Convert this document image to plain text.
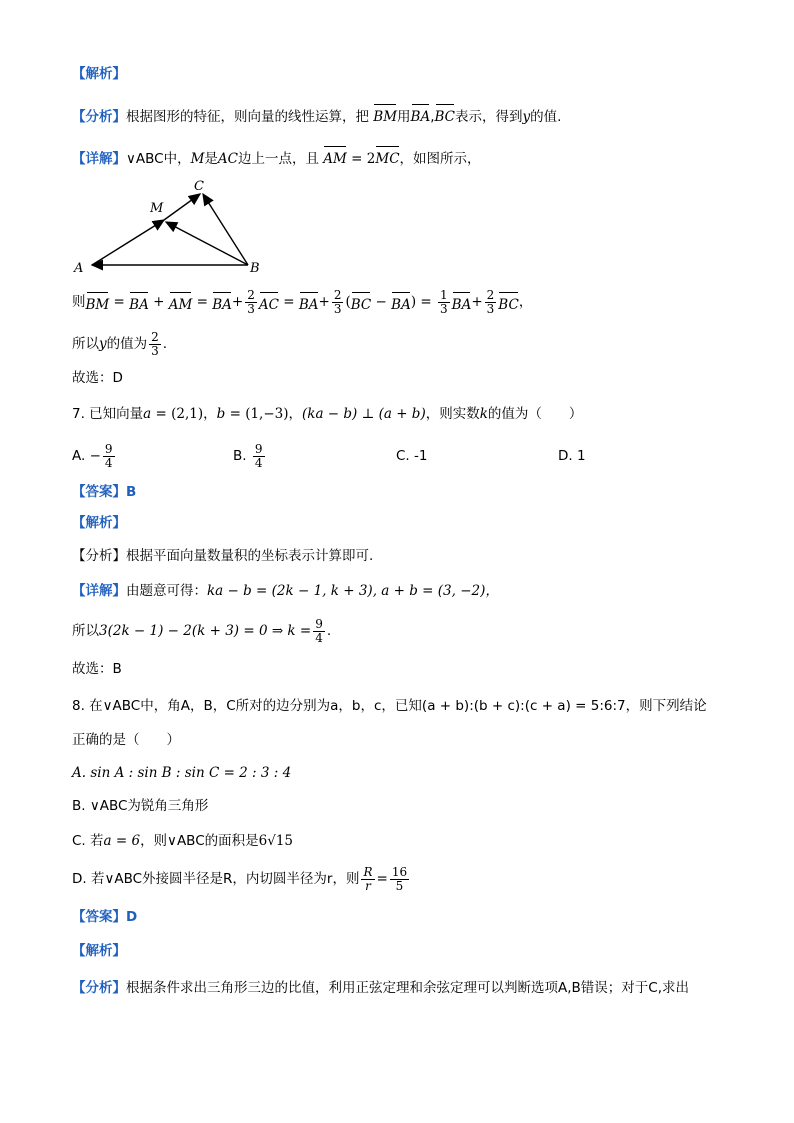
【解析】
【分析】根据图形的特征，则向量的线性运算，把 BM用BA,BC表示，得到y的值.
【详解】∨ABC中，M是AC边上一点，且 AM = 2MC，如图所示，
A	B
C
M
则 BM = BA + AM = BA + $\frac{2}{3}$ AC = BA + $\frac{2}{3}$ ( BC − BA ) = $\frac{1}{3}$ BA + $\frac{2}{3}$ BC ，
所以 y 的值为 $\frac{2}{3}$ .
故选：D
7. 已知向量a = (2,1)，b = (1,−3)，(ka − b) ⊥ (a + b)，则实数k的值为（　　）
A.
− $\frac{9}{4}$	B.
$\frac{9}{4}$	C. -1	D. 1
【答案】B
【解析】
【分析】根据平面向量数量积的坐标表示计算即可.
【详解】由题意可得：ka − b = (2k − 1, k + 3), a + b = (3, −2)，
所以 3(2k − 1) − 2(k + 3) = 0 ⇒ $k = \frac{9}{4}$ .
故选：B
8. 在∨ABC中，角A，B，C所对的边分别为a，b，c，已知(a + b):(b + c):(c + a) = 5:6:7，则下列结论
正确的是（　　）
A. sin A : sin B : sin C = 2 : 3 : 4
B. ∨ABC为锐角三角形
C. 若a = 6，则∨ABC的面积是6√15
D. 若∨ABC外接圆半径是R，内切圆半径为r，则 $\frac{R}{r} = \frac{16}{5}$
【答案】D
【解析】
【分析】根据条件求出三角形三边的比值，利用正弦定理和余弦定理可以判断选项A,B错误；对于C,求出
